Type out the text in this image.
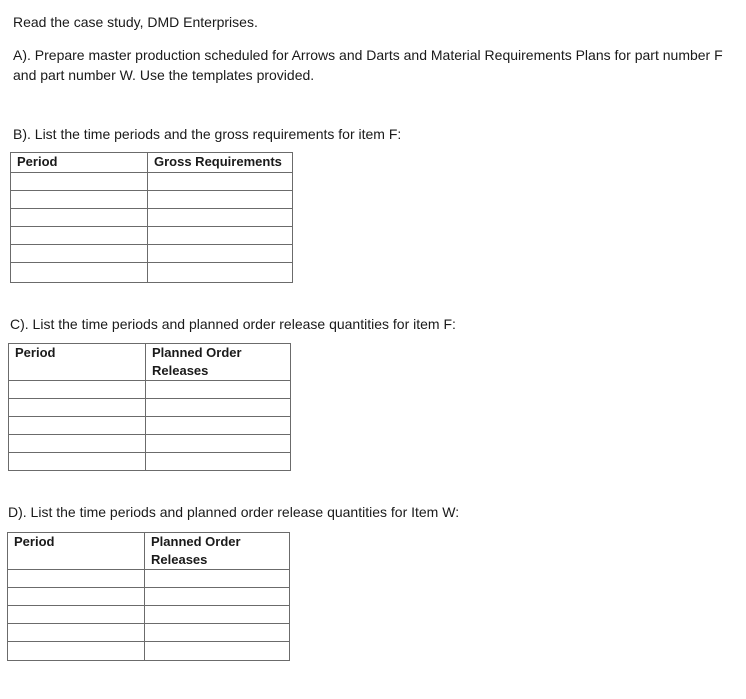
Read the case study, DMD Enterprises.
A). Prepare master production scheduled for Arrows and Darts and Material Requirements Plans for part number F and part number W. Use the templates provided.
B). List the time periods and the gross requirements for item F:
Period	Gross Requirements

C). List the time periods and planned order release quantities for item F:
Period	Planned Order Releases

D). List the time periods and planned order release quantities for Item W:
Period	Planned Order Releases
